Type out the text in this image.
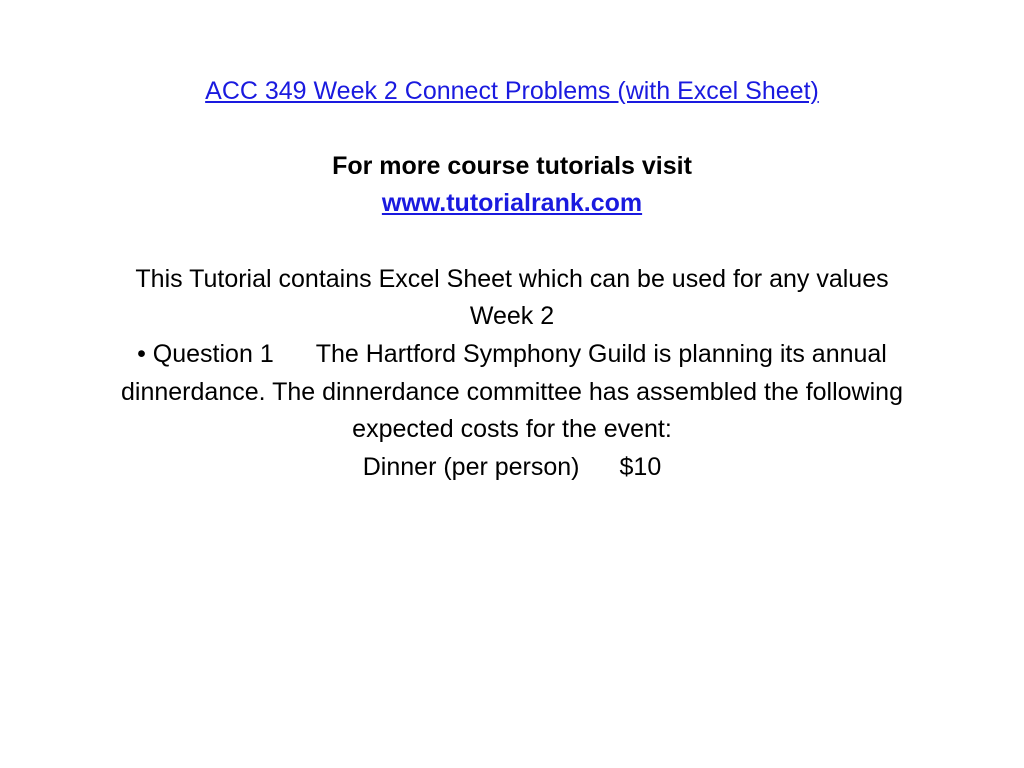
ACC 349 Week 2 Connect Problems (with Excel Sheet)
For more course tutorials visit
www.tutorialrank.com
This Tutorial contains Excel Sheet which can be used for any values
Week 2
• Question 1 The Hartford Symphony Guild is planning its annual
dinnerdance. The dinnerdance committee has assembled the following
expected costs for the event:
Dinner (per person) $10
